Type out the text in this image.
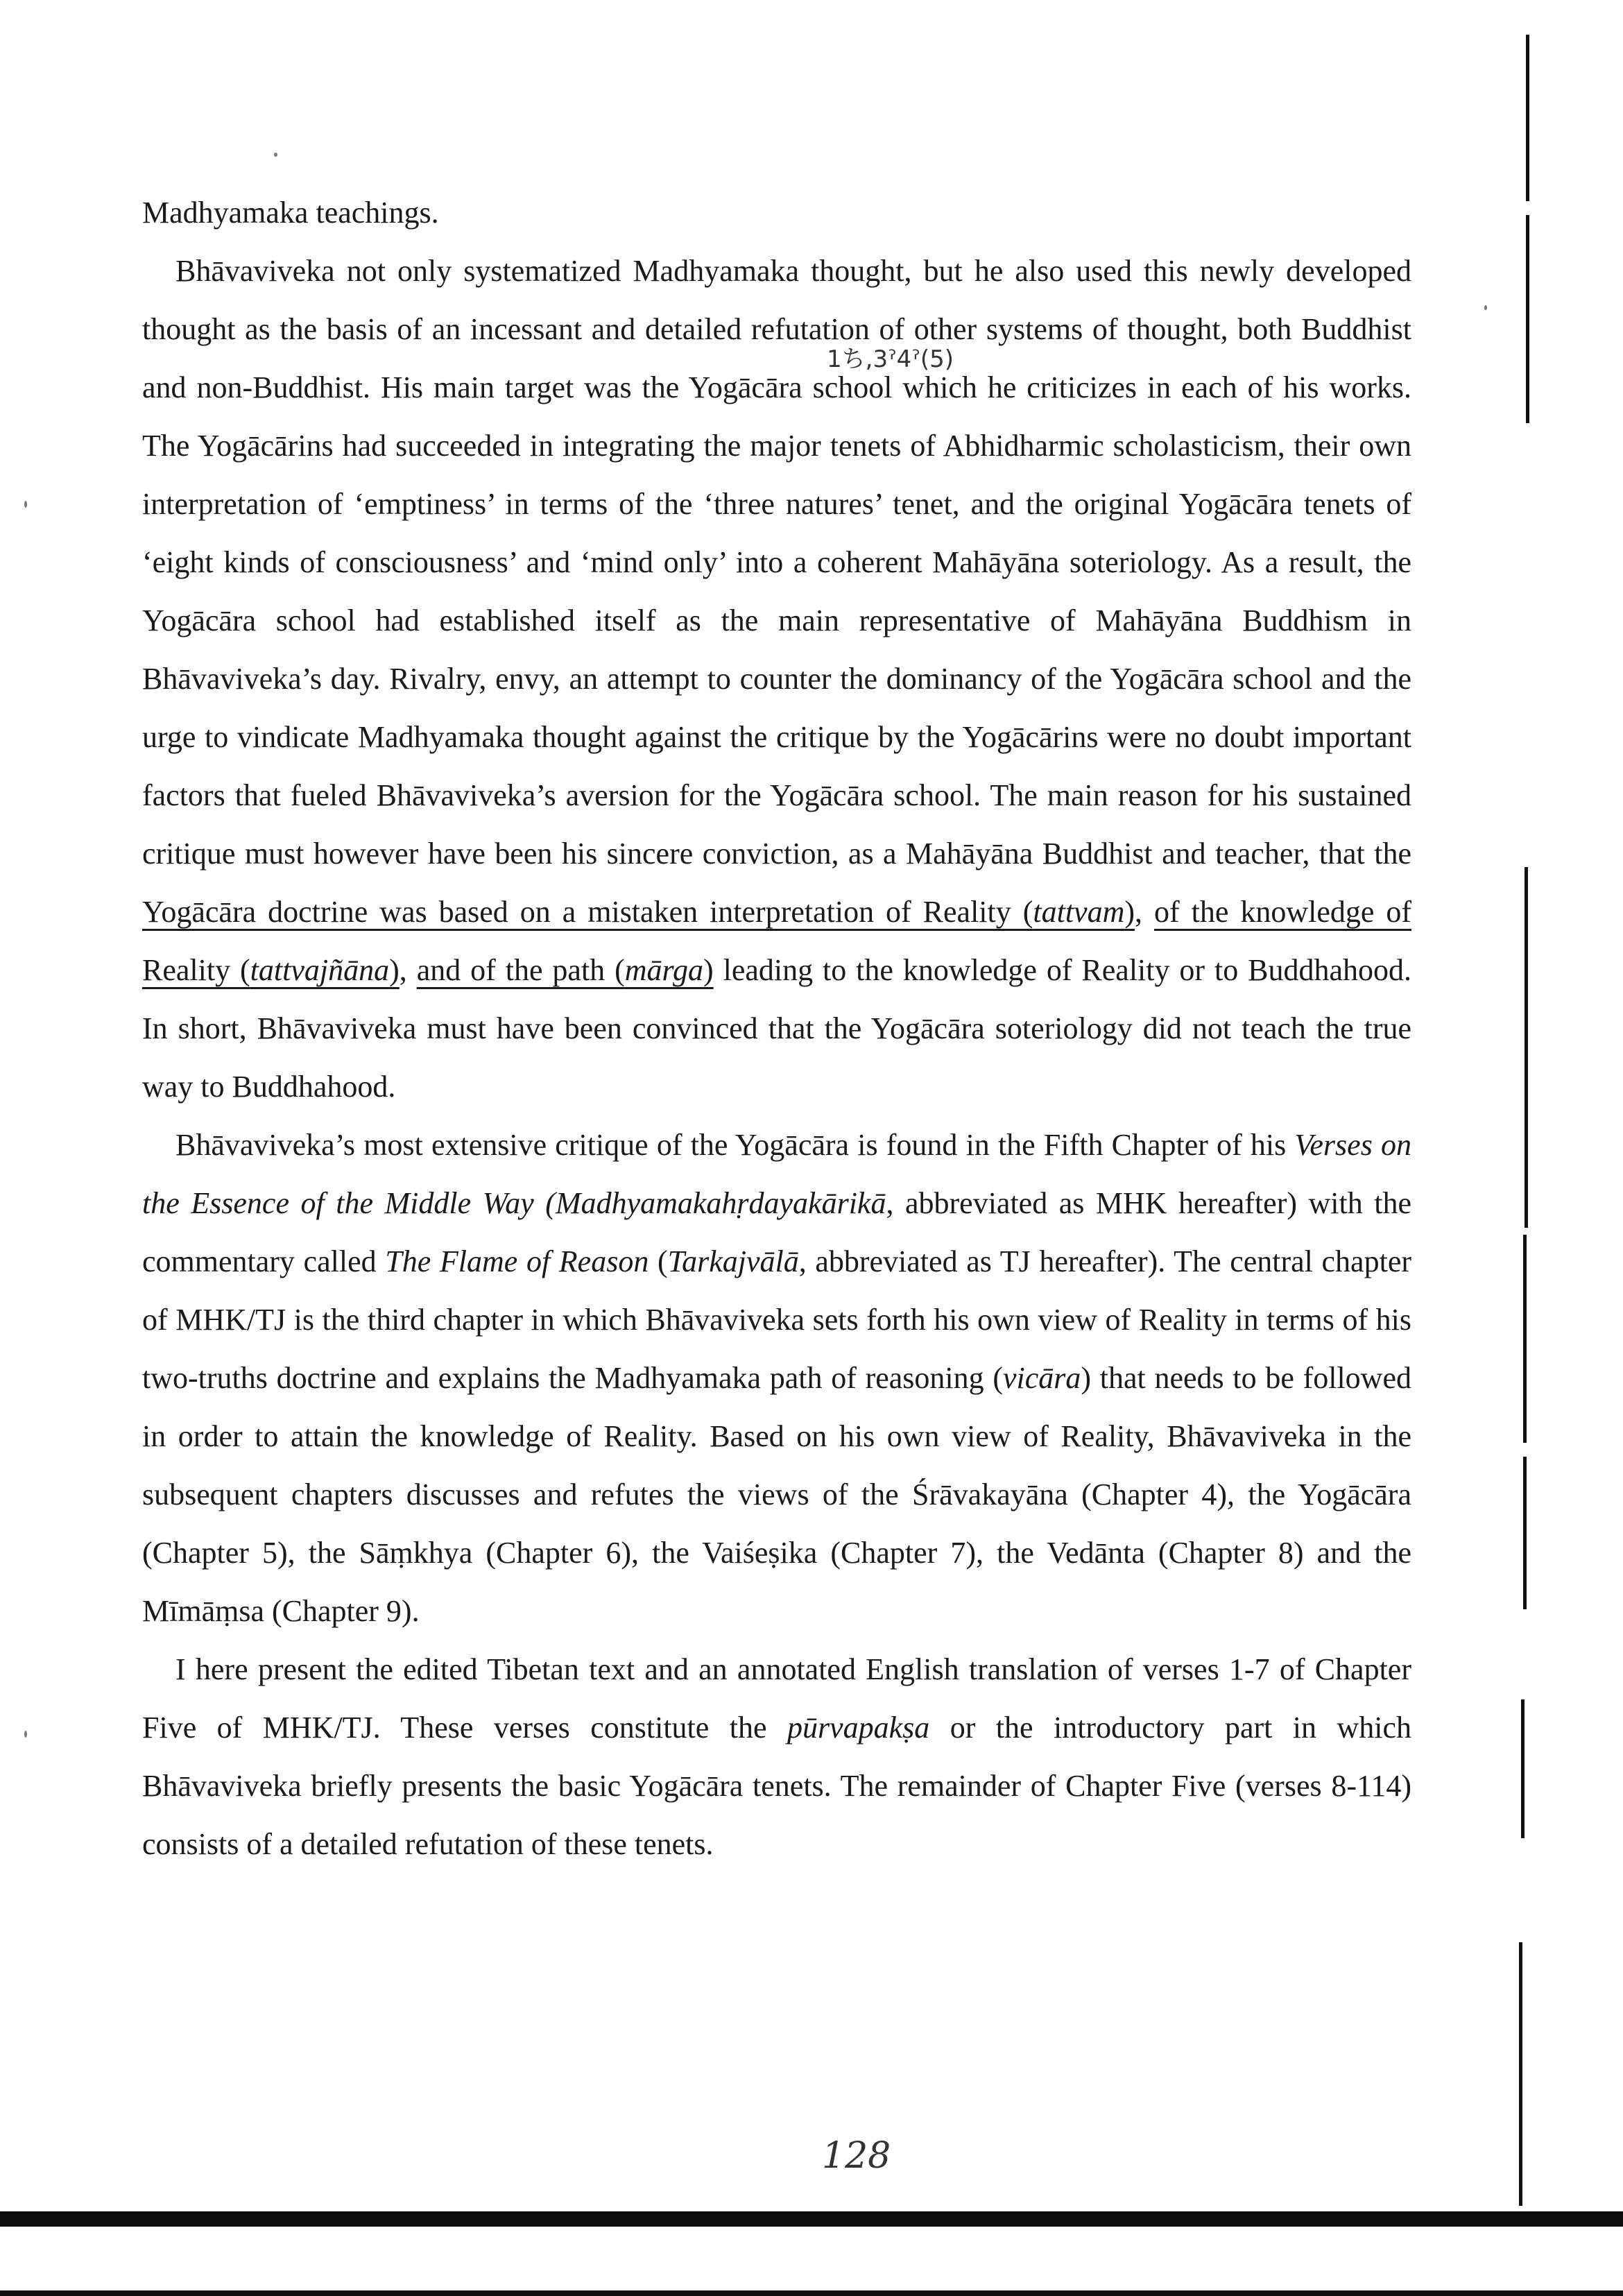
Madhyamaka teachings.

Bhāvaviveka not only systematized Madhyamaka thought, but he also used this newly developed thought as the basis of an incessant and detailed refutation of other systems of thought, both Buddhist and non-Buddhist. His main target was the Yogācāra school which he criticizes in each of his works. The Yogācārins had succeeded in integrating the major tenets of Abhidharmic scholasticism, their own interpretation of ‘emptiness’ in terms of the ‘three natures’ tenet, and the original Yogācāra tenets of ‘eight kinds of consciousness’ and ‘mind only’ into a coherent Mahāyāna soteriology. As a result, the Yogācāra school had established itself as the main representative of Mahāyāna Buddhism in Bhāvaviveka’s day. Rivalry, envy, an attempt to counter the dominancy of the Yogācāra school and the urge to vindicate Madhyamaka thought against the critique by the Yogācārins were no doubt important factors that fueled Bhāvaviveka’s aversion for the Yogācāra school. The main reason for his sustained critique must however have been his sincere conviction, as a Mahāyāna Buddhist and teacher, that the Yogācāra doctrine was based on a mistaken interpretation of Reality (tattvam), of the knowledge of Reality (tattvajñāna), and of the path (mārga) leading to the knowledge of Reality or to Buddhahood. In short, Bhāvaviveka must have been convinced that the Yogācāra soteriology did not teach the true way to Buddhahood.

Bhāvaviveka’s most extensive critique of the Yogācāra is found in the Fifth Chapter of his Verses on the Essence of the Middle Way (Madhyamakahṛdayakārikā, abbreviated as MHK hereafter) with the commentary called The Flame of Reason (Tarkajvālā, abbreviated as TJ hereafter). The central chapter of MHK/TJ is the third chapter in which Bhāvaviveka sets forth his own view of Reality in terms of his two-truths doctrine and explains the Madhyamaka path of reasoning (vicāra) that needs to be followed in order to attain the knowledge of Reality. Based on his own view of Reality, Bhāvaviveka in the subsequent chapters discusses and refutes the views of the Śrāvakayāna (Chapter 4), the Yogācāra (Chapter 5), the Sāṃkhya (Chapter 6), the Vaiśeṣika (Chapter 7), the Vedānta (Chapter 8) and the Mīmāṃsa (Chapter 9).

I here present the edited Tibetan text and an annotated English translation of verses 1-7 of Chapter Five of MHK/TJ. These verses constitute the pūrvapakṣa or the introductory part in which Bhāvaviveka briefly presents the basic Yogācāra tenets. The remainder of Chapter Five (verses 8-114) consists of a detailed refutation of these tenets.

1ち,3ˀ4ˀ(5)
128
